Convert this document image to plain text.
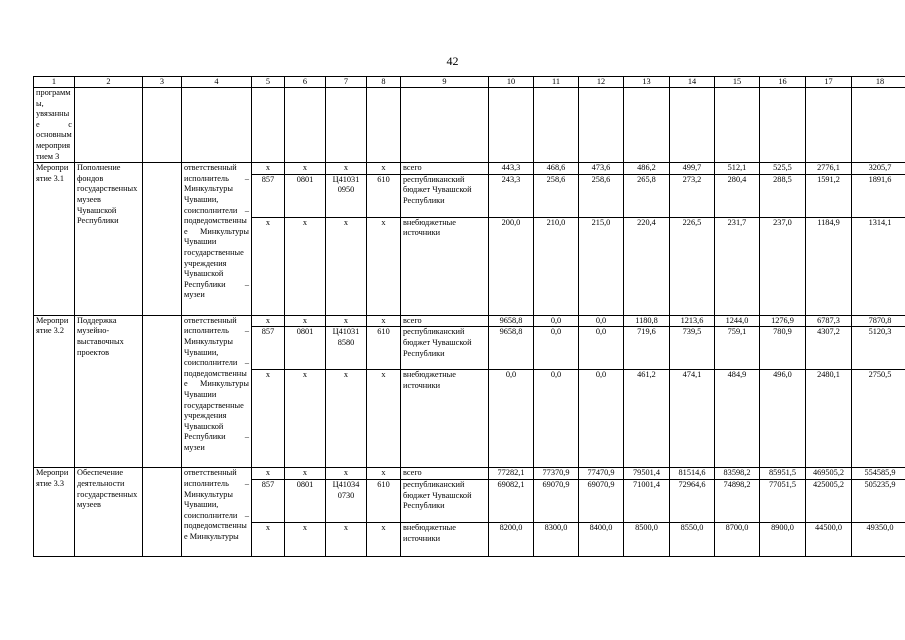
42
1	2	3	4	5	6	7	8	9	10	11	12	13	14	15	16	17	18
программы, увязанные с основным мероприятием 3																	
Мероприятие 3.1	Пополнение фондов государственных музеев Чувашской Республики		ответственный исполнитель – Минкультуры Чувашии, соисполнители – подведомственные Минкультуры Чувашии государственные учреждения Чувашской Республики – музеи	x	x	x	x	всего	443,3	468,6	473,6	486,2	499,7	512,1	525,5	2776,1	3205,7
				857	0801	Ц41031 0950	610	республиканский бюджет Чувашской Республики	243,3	258,6	258,6	265,8	273,2	280,4	288,5	1591,2	1891,6
				x	x	x	x	внебюджетные источники	200,0	210,0	215,0	220,4	226,5	231,7	237,0	1184,9	1314,1
Мероприятие 3.2	Поддержка музейно-выставочных проектов		ответственный исполнитель – Минкультуры Чувашии, соисполнители – подведомственные Минкультуры Чувашии государственные учреждения Чувашской Республики – музеи	x	x	x	x	всего	9658,8	0,0	0,0	1180,8	1213,6	1244,0	1276,9	6787,3	7870,8
				857	0801	Ц41031 8580	610	республиканский бюджет Чувашской Республики	9658,8	0,0	0,0	719,6	739,5	759,1	780,9	4307,2	5120,3
				x	x	x	x	внебюджетные источники	0,0	0,0	0,0	461,2	474,1	484,9	496,0	2480,1	2750,5
Мероприятие 3.3	Обеспечение деятельности государственных музеев		ответственный исполнитель – Минкультуры Чувашии, соисполнители – подведомственные Минкультуры	x	x	x	x	всего	77282,1	77370,9	77470,9	79501,4	81514,6	83598,2	85951,5	469505,2	554585,9
				857	0801	Ц41034 0730	610	республиканский бюджет Чувашской Республики	69082,1	69070,9	69070,9	71001,4	72964,6	74898,2	77051,5	425005,2	505235,9
				x	x	x	x	внебюджетные источники	8200,0	8300,0	8400,0	8500,0	8550,0	8700,0	8900,0	44500,0	49350,0
